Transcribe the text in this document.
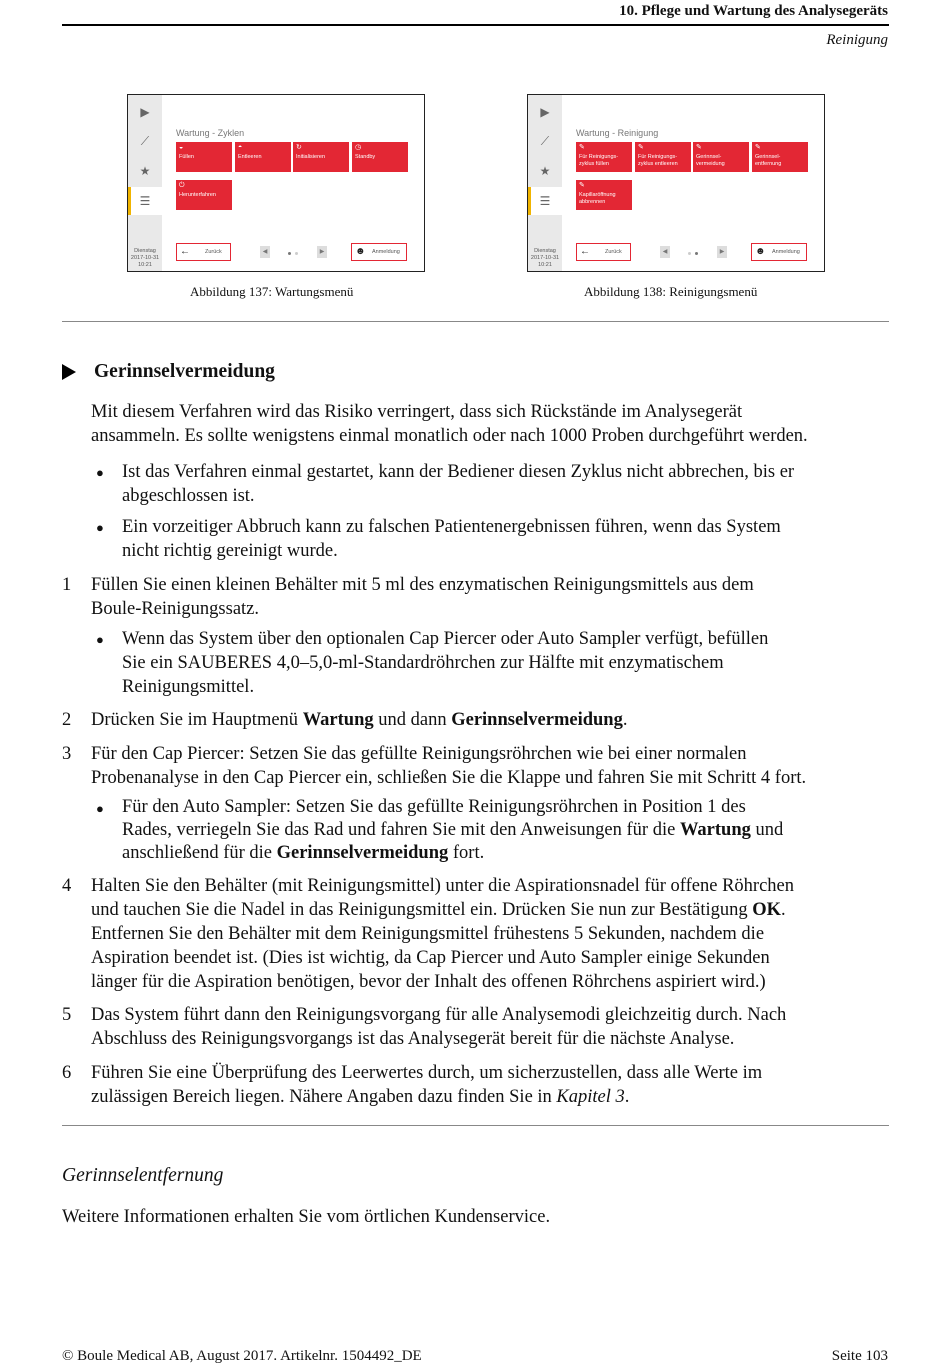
10. Pflege und Wartung des Analysegeräts
Reinigung
▶
⟋
★
☰
Dienstag
2017-10-31
10:21
Wartung - Zyklen
◒
Füllen
◓
Entleeren
↻
Initialisieren
◷
Standby
⏻
Herunterfahren
←	Zurück	◀	▶	☻ Anmeldung
Abbildung 137: Wartungsmenü
▶
⟋
★
☰
Dienstag
2017-10-31
10:21
Wartung - Reinigung
✎
Für Reinigungs-zyklus füllen
✎
Für Reinigungs-zyklus entleeren
✎
Gerinnsel-vermeidung
✎
Gerinnsel-entfernung
✎
Kapillaröffnung abbrennen
←	Zurück	◀	▶	☻ Anmeldung
Abbildung 138: Reinigungsmenü
Gerinnselvermeidung
Mit diesem Verfahren wird das Risiko verringert, dass sich Rückstände im Analysegerät
ansammeln. Es sollte wenigstens einmal monatlich oder nach 1000 Proben durchgeführt werden.
● Ist das Verfahren einmal gestartet, kann der Bediener diesen Zyklus nicht abbrechen, bis er
abgeschlossen ist.
● Ein vorzeitiger Abbruch kann zu falschen Patientenergebnissen führen, wenn das System
nicht richtig gereinigt wurde.
1 Füllen Sie einen kleinen Behälter mit 5 ml des enzymatischen Reinigungsmittels aus dem
Boule-Reinigungssatz.
● Wenn das System über den optionalen Cap Piercer oder Auto Sampler verfügt, befüllen
Sie ein SAUBERES 4,0–5,0-ml-Standardröhrchen zur Hälfte mit enzymatischem
Reinigungsmittel.
2 Drücken Sie im Hauptmenü Wartung und dann Gerinnselvermeidung.
3 Für den Cap Piercer: Setzen Sie das gefüllte Reinigungsröhrchen wie bei einer normalen
Probenanalyse in den Cap Piercer ein, schließen Sie die Klappe und fahren Sie mit Schritt 4 fort.
● Für den Auto Sampler: Setzen Sie das gefüllte Reinigungsröhrchen in Position 1 des
Rades, verriegeln Sie das Rad und fahren Sie mit den Anweisungen für die Wartung und
anschließend für die Gerinnselvermeidung fort.
4 Halten Sie den Behälter (mit Reinigungsmittel) unter die Aspirationsnadel für offene Röhrchen
und tauchen Sie die Nadel in das Reinigungsmittel ein. Drücken Sie nun zur Bestätigung OK.
Entfernen Sie den Behälter mit dem Reinigungsmittel frühestens 5 Sekunden, nachdem die
Aspiration beendet ist. (Dies ist wichtig, da Cap Piercer und Auto Sampler einige Sekunden
länger für die Aspiration benötigen, bevor der Inhalt des offenen Röhrchens aspiriert wird.)
5 Das System führt dann den Reinigungsvorgang für alle Analysemodi gleichzeitig durch. Nach
Abschluss des Reinigungsvorgangs ist das Analysegerät bereit für die nächste Analyse.
6 Führen Sie eine Überprüfung des Leerwertes durch, um sicherzustellen, dass alle Werte im
zulässigen Bereich liegen. Nähere Angaben dazu finden Sie in Kapitel 3.
Gerinnselentfernung
Weitere Informationen erhalten Sie vom örtlichen Kundenservice.
© Boule Medical AB, August 2017. Artikelnr. 1504492_DE	Seite 103
